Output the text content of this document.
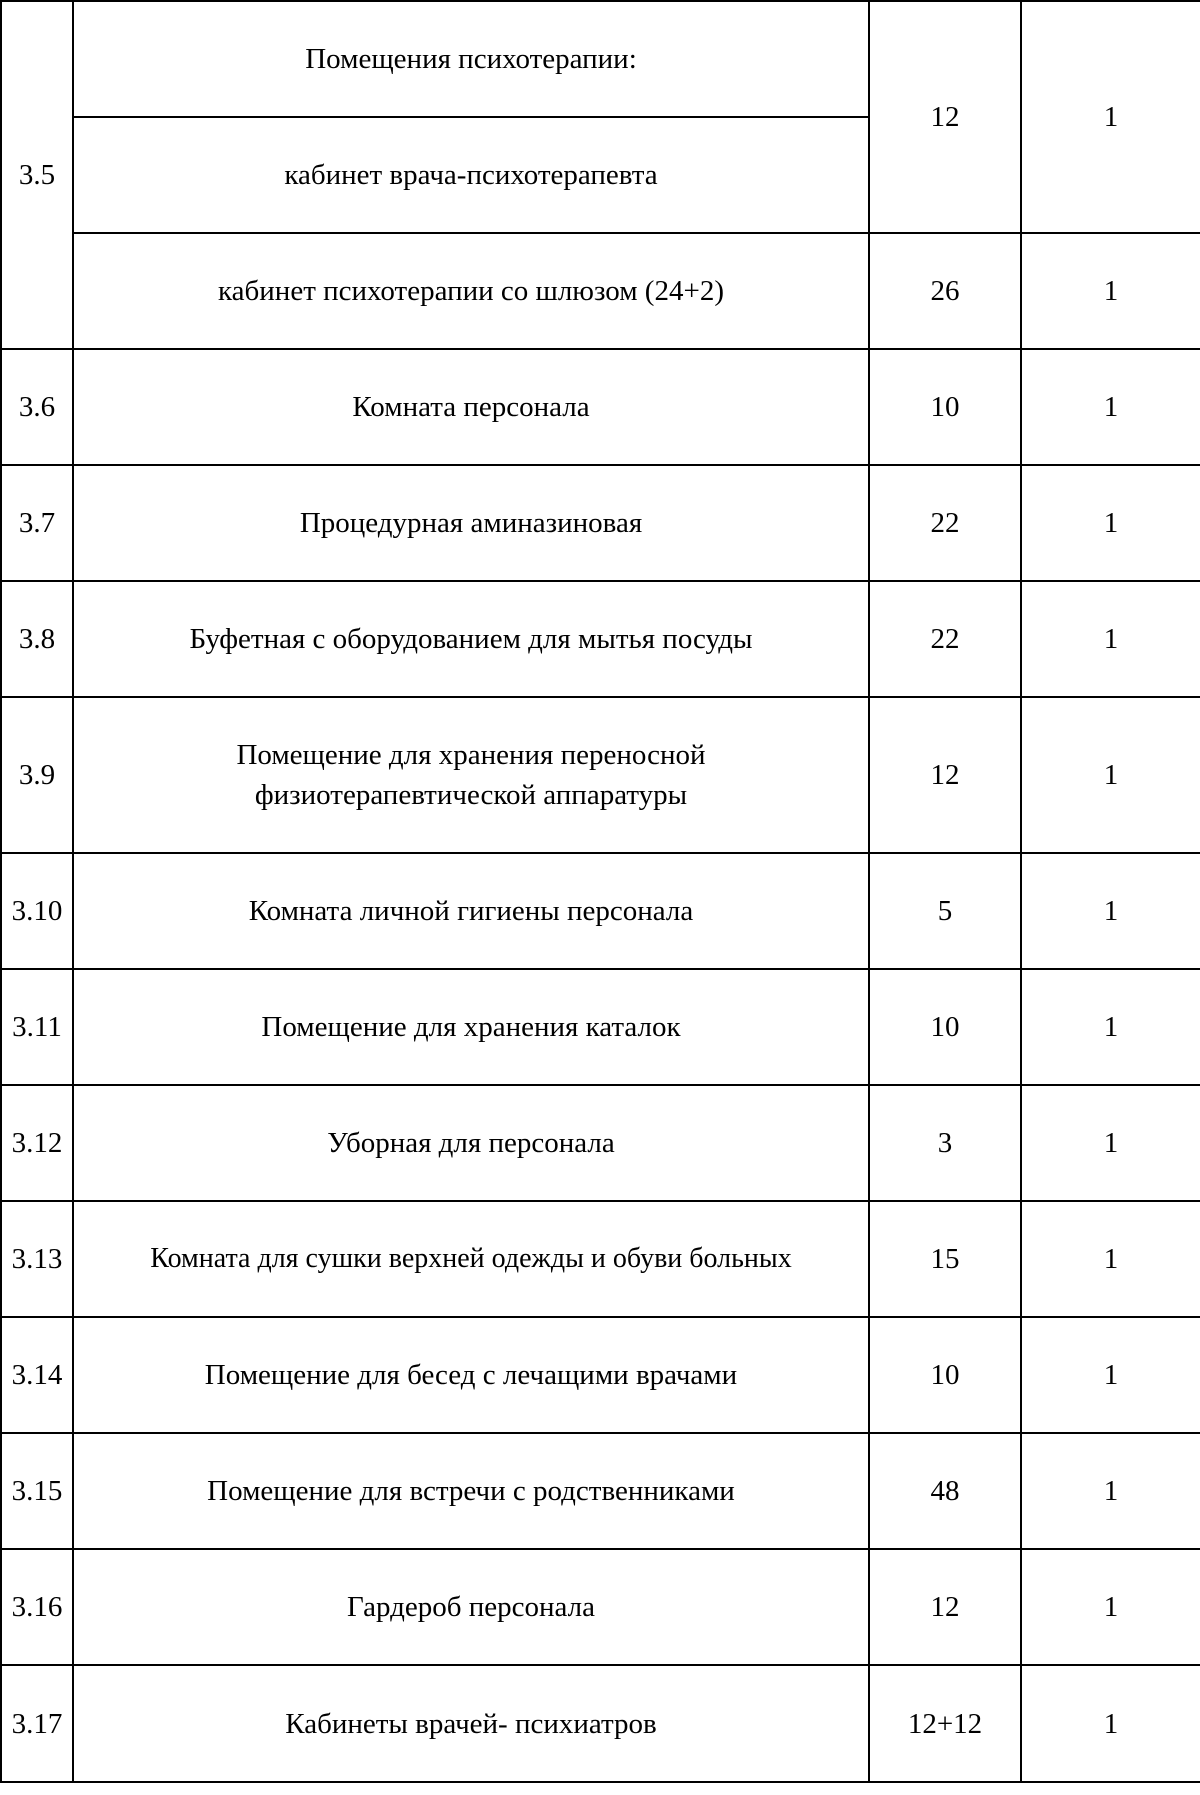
3.5	Помещения психотерапии:	12	1
	кабинет врача-психотерапевта		
	кабинет психотерапии со шлюзом (24+2)	26	1
3.6	Комната персонала	10	1
3.7	Процедурная аминазиновая	22	1
3.8	Буфетная с оборудованием для мытья посуды	22	1
3.9	Помещение для хранения переносной физиотерапевтической аппаратуры	12	1
3.10	Комната личной гигиены персонала	5	1
3.11	Помещение для хранения каталок	10	1
3.12	Уборная для персонала	3	1
3.13	Комната для сушки верхней одежды и обуви больных	15	1
3.14	Помещение для бесед с лечащими врачами	10	1
3.15	Помещение для встречи с родственниками	48	1
3.16	Гардероб персонала	12	1
3.17	Кабинеты врачей- психиатров	12+12	1
